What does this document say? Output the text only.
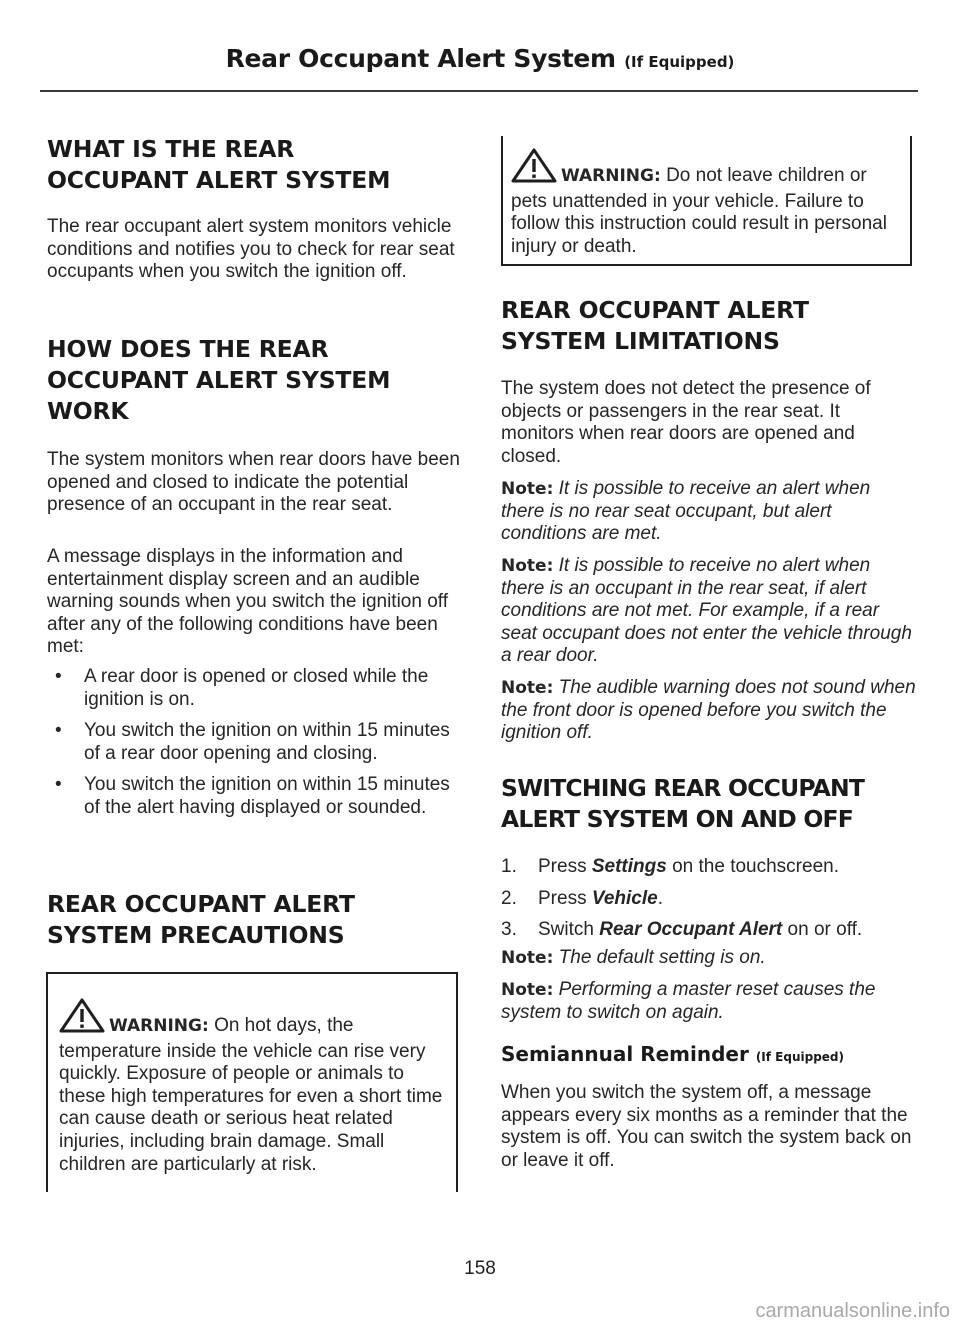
Rear Occupant Alert System (If Equipped)
WHAT IS THE REAR
OCCUPANT ALERT SYSTEM

The rear occupant alert system monitors vehicle conditions and notifies you to check for rear seat occupants when you switch the ignition off.

HOW DOES THE REAR
OCCUPANT ALERT SYSTEM
WORK

The system monitors when rear doors have been opened and closed to indicate the potential presence of an occupant in the rear seat.

A message displays in the information and entertainment display screen and an audible warning sounds when you switch the ignition off after any of the following conditions have been met:

• A rear door is opened or closed while the ignition is on.

• You switch the ignition on within 15 minutes of a rear door opening and closing.

• You switch the ignition on within 15 minutes of the alert having displayed or sounded.

REAR OCCUPANT ALERT
SYSTEM PRECAUTIONS

WARNING: On hot days, the temperature inside the vehicle can rise very quickly. Exposure of people or animals to these high temperatures for even a short time can cause death or serious heat related injuries, including brain damage. Small children are particularly at risk.

WARNING: Do not leave children or pets unattended in your vehicle. Failure to follow this instruction could result in personal injury or death.

REAR OCCUPANT ALERT
SYSTEM LIMITATIONS

The system does not detect the presence of objects or passengers in the rear seat. It monitors when rear doors are opened and closed.

Note: It is possible to receive an alert when there is no rear seat occupant, but alert conditions are met.

Note: It is possible to receive no alert when there is an occupant in the rear seat, if alert conditions are not met. For example, if a rear seat occupant does not enter the vehicle through a rear door.

Note: The audible warning does not sound when the front door is opened before you switch the ignition off.

SWITCHING REAR OCCUPANT
ALERT SYSTEM ON AND OFF

1. Press Settings on the touchscreen.

2. Press Vehicle.

3. Switch Rear Occupant Alert on or off.

Note: The default setting is on.

Note: Performing a master reset causes the system to switch on again.

Semiannual Reminder (If Equipped)

When you switch the system off, a message appears every six months as a reminder that the system is off. You can switch the system back on or leave it off.

158
carmanualsonline.info
